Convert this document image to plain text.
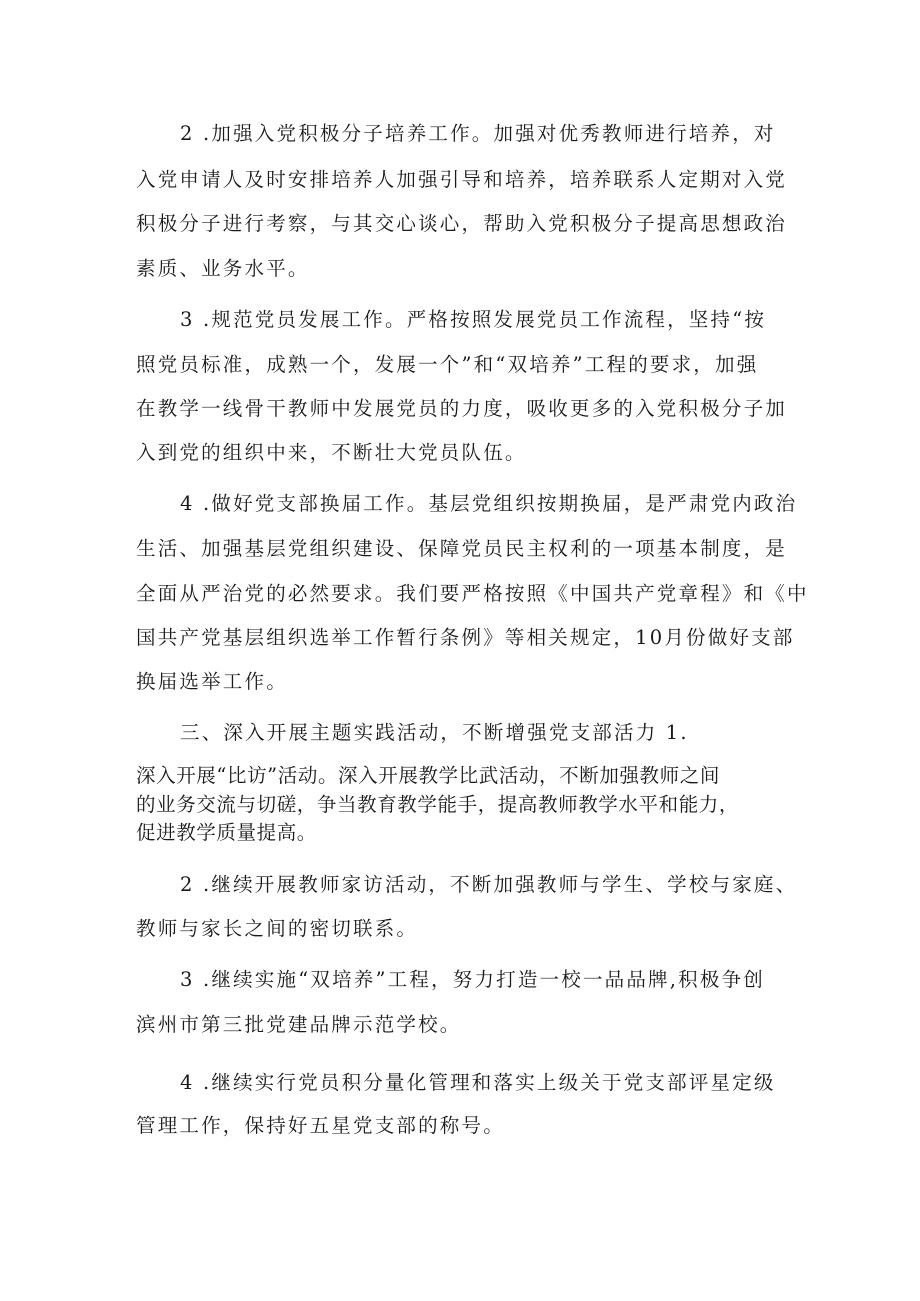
2 .加强入党积极分子培养工作。加强对优秀教师进行培养，对
入党申请人及时安排培养人加强引导和培养，培养联系人定期对入党
积极分子进行考察，与其交心谈心，帮助入党积极分子提高思想政治
素质、业务水平。
3 .规范党员发展工作。严格按照发展党员工作流程，坚持“按
照党员标准，成熟一个，发展一个”和“双培养”工程的要求，加强
在教学一线骨干教师中发展党员的力度，吸收更多的入党积极分子加
入到党的组织中来，不断壮大党员队伍。
4 .做好党支部换届工作。基层党组织按期换届，是严肃党内政治
生活、加强基层党组织建设、保障党员民主权利的一项基本制度，是
全面从严治党的必然要求。我们要严格按照《中国共产党章程》和《中
国共产党基层组织选举工作暂行条例》等相关规定，10月份做好支部
换届选举工作。
三、深入开展主题实践活动，不断增强党支部活力 1.
深入开展“比访”活动。深入开展教学比武活动，不断加强教师之间
的业务交流与切磋，争当教育教学能手，提高教师教学水平和能力，
促进教学质量提高。
2 .继续开展教师家访活动，不断加强教师与学生、学校与家庭、
教师与家长之间的密切联系。
3 .继续实施“双培养”工程，努力打造一校一品品牌,积极争创
滨州市第三批党建品牌示范学校。
4 .继续实行党员积分量化管理和落实上级关于党支部评星定级
管理工作，保持好五星党支部的称号。
